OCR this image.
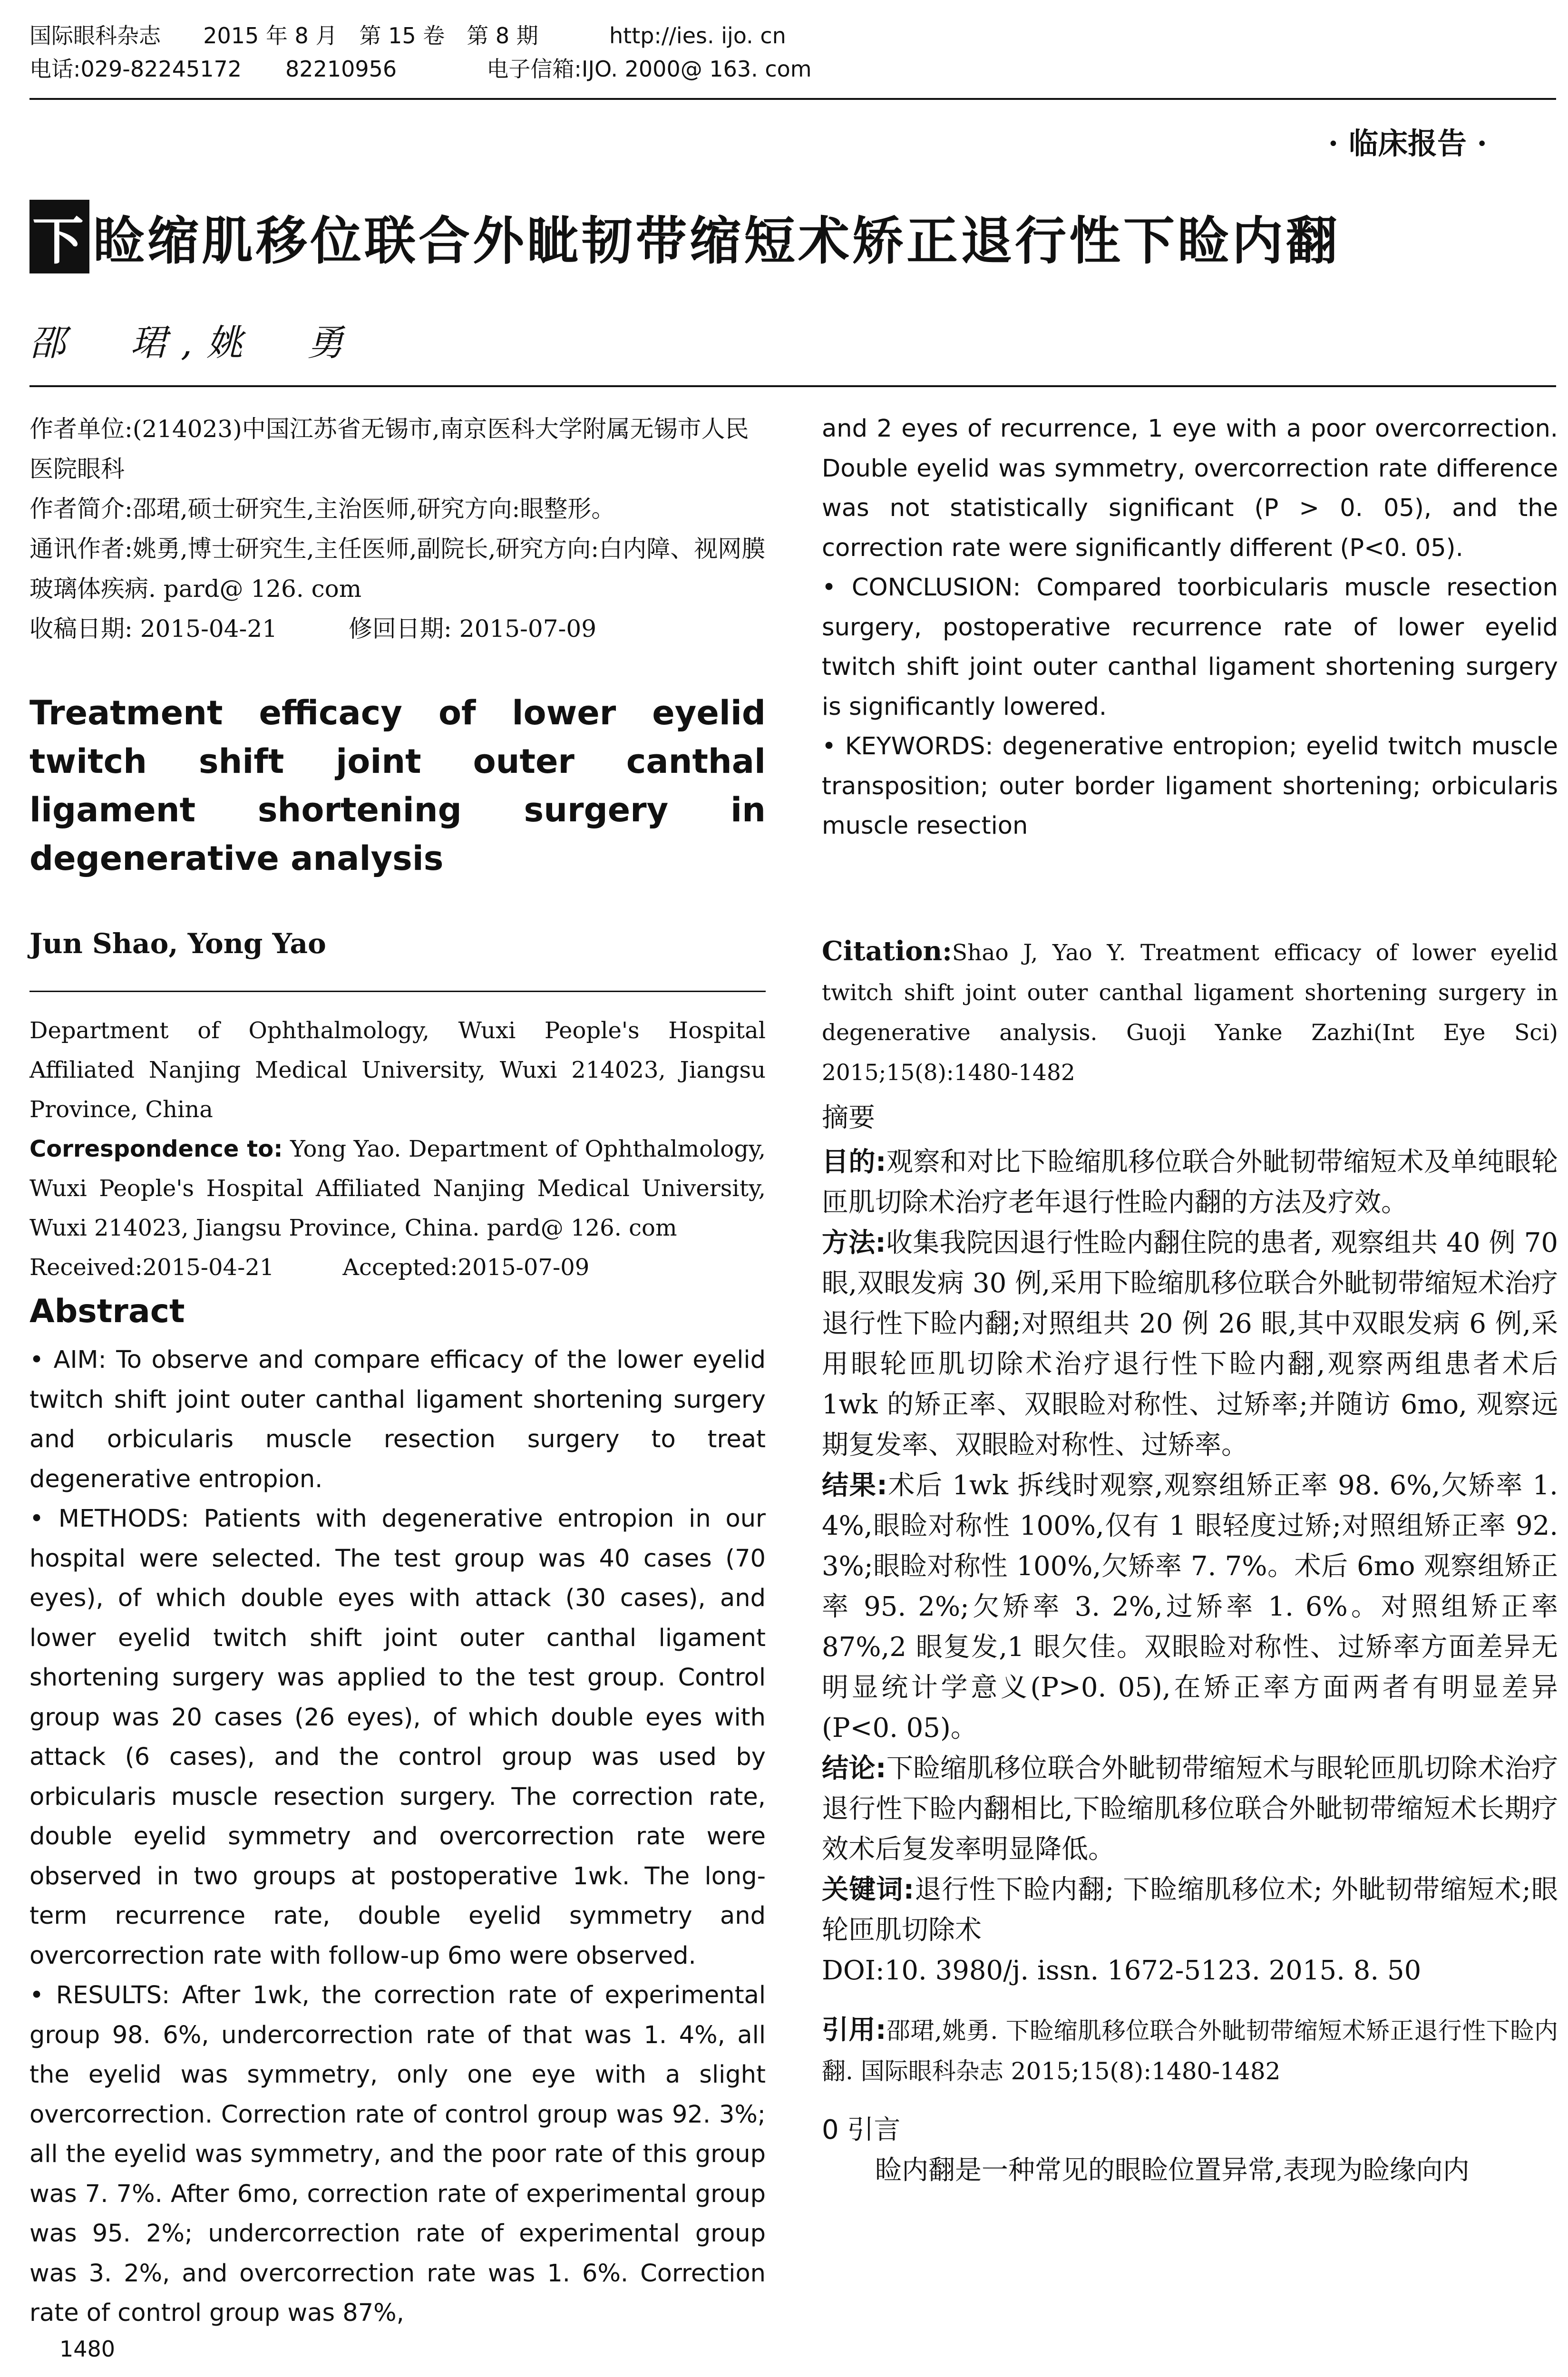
国际眼科杂志 2015 年 8 月　第 15 卷　第 8 期	http://ies. ijo. cn
电话:029-82245172　　82210956	电子信箱:IJO. 2000@ 163. com
· 临床报告 ·
下 睑缩肌移位联合外眦韧带缩短术矫正退行性下睑内翻
邵　珺,姚　勇
作者单位:(214023)中国江苏省无锡市,南京医科大学附属无锡市人民医院眼科
作者简介:邵珺,硕士研究生,主治医师,研究方向:眼整形。
通讯作者:姚勇,博士研究生,主任医师,副院长,研究方向:白内障、视网膜玻璃体疾病. pard@ 126. com
收稿日期: 2015-04-21　　　修回日期: 2015-07-09
Treatment efficacy of lower eyelid twitch shift joint outer canthal ligament shortening surgery in degenerative analysis
Jun Shao, Yong Yao
Department of Ophthalmology, Wuxi People's Hospital Affiliated Nanjing Medical University, Wuxi 214023, Jiangsu Province, China
Correspondence to: Yong Yao. Department of Ophthalmology, Wuxi People's Hospital Affiliated Nanjing Medical University, Wuxi 214023, Jiangsu Province, China. pard@ 126. com
Received:2015-04-21　　　Accepted:2015-07-09
Abstract

• AIM: To observe and compare efficacy of the lower eyelid twitch shift joint outer canthal ligament shortening surgery and orbicularis muscle resection surgery to treat degenerative entropion.

• METHODS: Patients with degenerative entropion in our hospital were selected. The test group was 40 cases (70 eyes), of which double eyes with attack (30 cases), and lower eyelid twitch shift joint outer canthal ligament shortening surgery was applied to the test group. Control group was 20 cases (26 eyes), of which double eyes with attack (6 cases), and the control group was used by orbicularis muscle resection surgery. The correction rate, double eyelid symmetry and overcorrection rate were observed in two groups at postoperative 1wk. The long-term recurrence rate, double eyelid symmetry and overcorrection rate with follow-up 6mo were observed.

• RESULTS: After 1wk, the correction rate of experimental group 98. 6%, undercorrection rate of that was 1. 4%, all the eyelid was symmetry, only one eye with a slight overcorrection. Correction rate of control group was 92. 3%; all the eyelid was symmetry, and the poor rate of this group was 7. 7%. After 6mo, correction rate of experimental group was 95. 2%; undercorrection rate of experimental group was 3. 2%, and overcorrection rate was 1. 6%. Correction rate of control group was 87%,

1480

and 2 eyes of recurrence, 1 eye with a poor overcorrection. Double eyelid was symmetry, overcorrection rate difference was not statistically significant (P > 0. 05), and the correction rate were significantly different (P<0. 05).

• CONCLUSION: Compared toorbicularis muscle resection surgery, postoperative recurrence rate of lower eyelid twitch shift joint outer canthal ligament shortening surgery is significantly lowered.

• KEYWORDS: degenerative entropion; eyelid twitch muscle transposition; outer border ligament shortening; orbicularis muscle resection

Citation:Shao J, Yao Y. Treatment efficacy of lower eyelid twitch shift joint outer canthal ligament shortening surgery in degenerative analysis. Guoji Yanke Zazhi(Int Eye Sci) 2015;15(8):1480-1482

摘要

目的:观察和对比下睑缩肌移位联合外眦韧带缩短术及单纯眼轮匝肌切除术治疗老年退行性睑内翻的方法及疗效。

方法:收集我院因退行性睑内翻住院的患者, 观察组共 40 例 70 眼,双眼发病 30 例,采用下睑缩肌移位联合外眦韧带缩短术治疗退行性下睑内翻;对照组共 20 例 26 眼,其中双眼发病 6 例,采用眼轮匝肌切除术治疗退行性下睑内翻,观察两组患者术后 1wk 的矫正率、双眼睑对称性、过矫率;并随访 6mo, 观察远期复发率、双眼睑对称性、过矫率。

结果:术后 1wk 拆线时观察,观察组矫正率 98. 6%,欠矫率 1. 4%,眼睑对称性 100%,仅有 1 眼轻度过矫;对照组矫正率 92. 3%;眼睑对称性 100%,欠矫率 7. 7%。术后 6mo 观察组矫正率 95. 2%;欠矫率 3. 2%,过矫率 1. 6%。对照组矫正率 87%,2 眼复发,1 眼欠佳。双眼睑对称性、过矫率方面差异无明显统计学意义(P>0. 05),在矫正率方面两者有明显差异(P<0. 05)。

结论:下睑缩肌移位联合外眦韧带缩短术与眼轮匝肌切除术治疗退行性下睑内翻相比,下睑缩肌移位联合外眦韧带缩短术长期疗效术后复发率明显降低。

关键词:退行性下睑内翻; 下睑缩肌移位术; 外眦韧带缩短术;眼轮匝肌切除术

DOI:10. 3980/j. issn. 1672-5123. 2015. 8. 50

引用:邵珺,姚勇. 下睑缩肌移位联合外眦韧带缩短术矫正退行性下睑内翻. 国际眼科杂志 2015;15(8):1480-1482

0 引言

睑内翻是一种常见的眼睑位置异常,表现为睑缘向内
